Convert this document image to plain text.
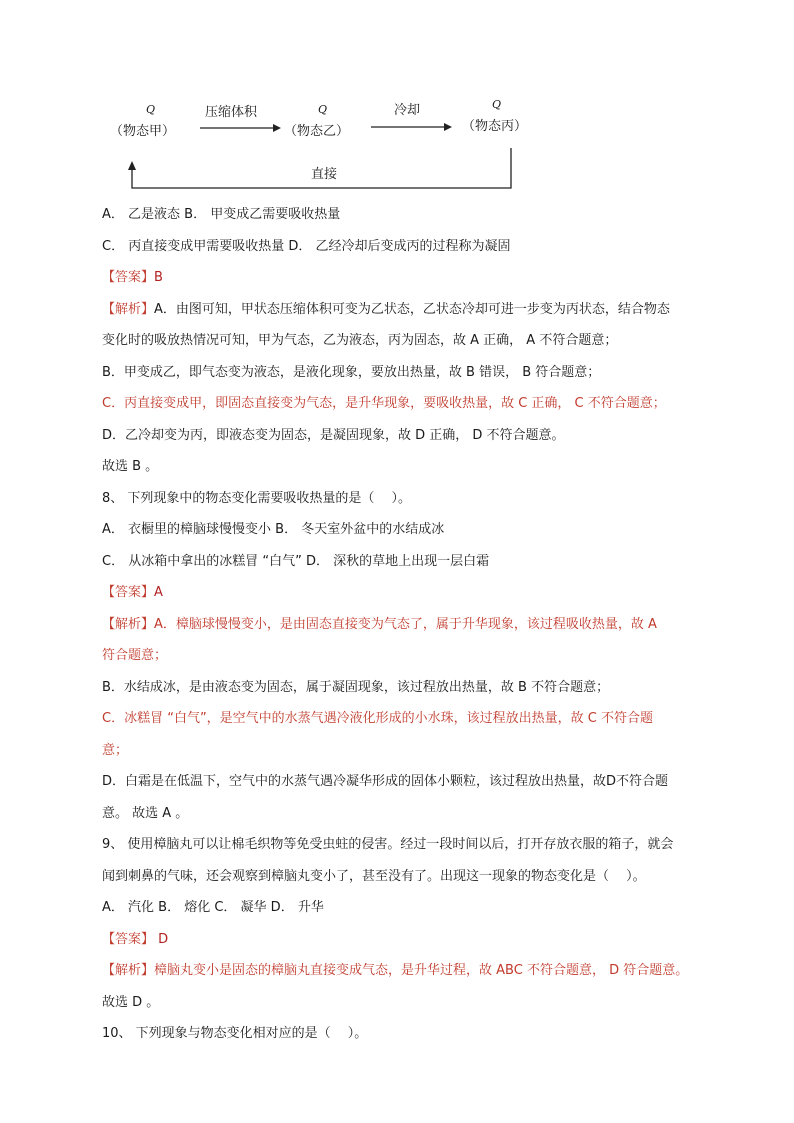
Q
（物态甲）
压缩体积	Q
（物态乙）
冷却	Q
（物态丙）
直接

A． 乙是液态 B． 甲变成乙需要吸收热量

C． 丙直接变成甲需要吸收热量 D． 乙经冷却后变成丙的过程称为凝固

【答案】B

【解析】A．由图可知，甲状态压缩体积可变为乙状态，乙状态冷却可进一步变为丙状态，结合物态

变化时的吸放热情况可知，甲为气态，乙为液态，丙为固态，故 A 正确， A 不符合题意；

B．甲变成乙，即气态变为液态，是液化现象，要放出热量，故 B 错误， B 符合题意；

C．丙直接变成甲，即固态直接变为气态，是升华现象，要吸收热量，故 C 正确， C 不符合题意；

D．乙冷却变为丙，即液态变为固态，是凝固现象，故 D 正确， D 不符合题意。

故选 B 。

8、 下列现象中的物态变化需要吸收热量的是（　 ）。

A． 衣橱里的樟脑球慢慢变小 B． 冬天室外盆中的水结成冰

C． 从冰箱中拿出的冰糕冒 “白气” D． 深秋的草地上出现一层白霜

【答案】A

【解析】A．樟脑球慢慢变小，是由固态直接变为气态了，属于升华现象，该过程吸收热量，故 A

符合题意；

B．水结成冰，是由液态变为固态，属于凝固现象，该过程放出热量，故 B 不符合题意；

C．冰糕冒 “白气”，是空气中的水蒸气遇冷液化形成的小水珠，该过程放出热量，故 C 不符合题

意；

D．白霜是在低温下，空气中的水蒸气遇冷凝华形成的固体小颗粒，该过程放出热量，故D不符合题

意。 故选 A 。

9、 使用樟脑丸可以让棉毛织物等免受虫蛀的侵害。经过一段时间以后，打开存放衣服的箱子，就会

闻到刺鼻的气味，还会观察到樟脑丸变小了，甚至没有了。出现这一现象的物态变化是（　 ）。

A． 汽化 B． 熔化 C． 凝华 D． 升华

【答案】 D

【解析】樟脑丸变小是固态的樟脑丸直接变成气态，是升华过程，故 ABC 不符合题意， D 符合题意。

故选 D 。

10、 下列现象与物态变化相对应的是（　 ）。
